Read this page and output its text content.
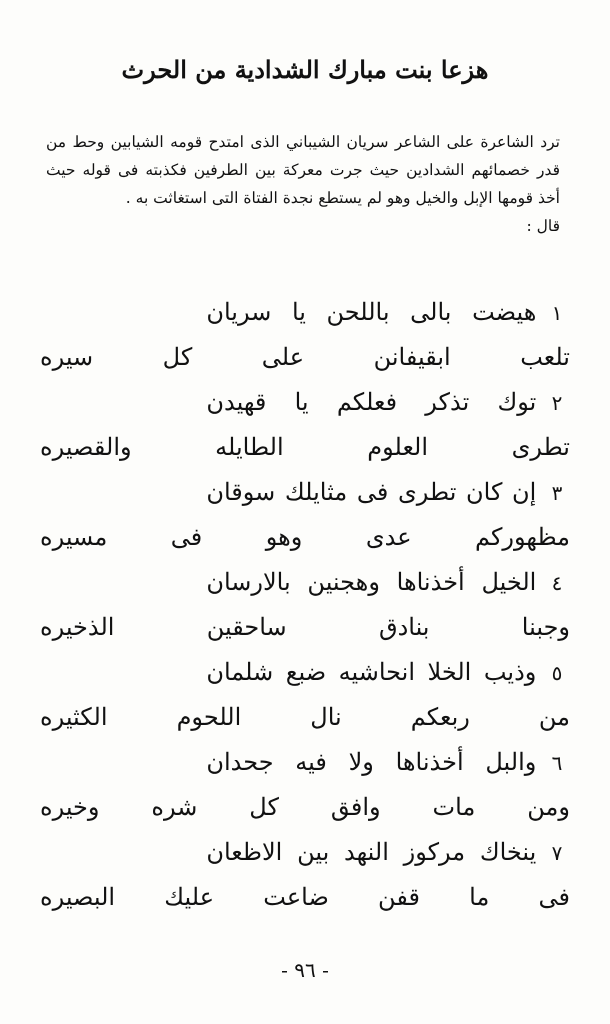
هزعا بنت مبارك الشدادية من الحرث

ترد الشاعرة على الشاعر سريان الشيباني الذى امتدح قومه الشيابين وحط من قدر خصمائهم الشدادين حيث جرت معركة بين الطرفين فكذبته فى قوله حيث أخذ قومها الإبل والخيل وهو لم يستطع نجدة الفتاة التى استغاثت به .

قال :

١ هيضت بالى باللحن يا سريان
تلعب ابقيفانن على كل سيره
٢ توك تذكر فعلكم يا قهيدن
تطرى العلوم الطايله والقصيره
٣ إن كان تطرى فى مثايلك سوقان
مظهوركم عدى وهو فى مسيره
٤ الخيل أخذناها وهجنين بالارسان
وجبنا بنادق ساحقين الذخيره
٥ وذيب الخلا انحاشيه ضبع شلمان
من ربعكم نال اللحوم الكثيره
٦ والبل أخذناها ولا فيه جحدان
ومن مات وافق كل شره وخيره
٧ ينخاك مركوز النهد بين الاظعان
فى ما قفن ضاعت عليك البصيره
- ٩٦ -
